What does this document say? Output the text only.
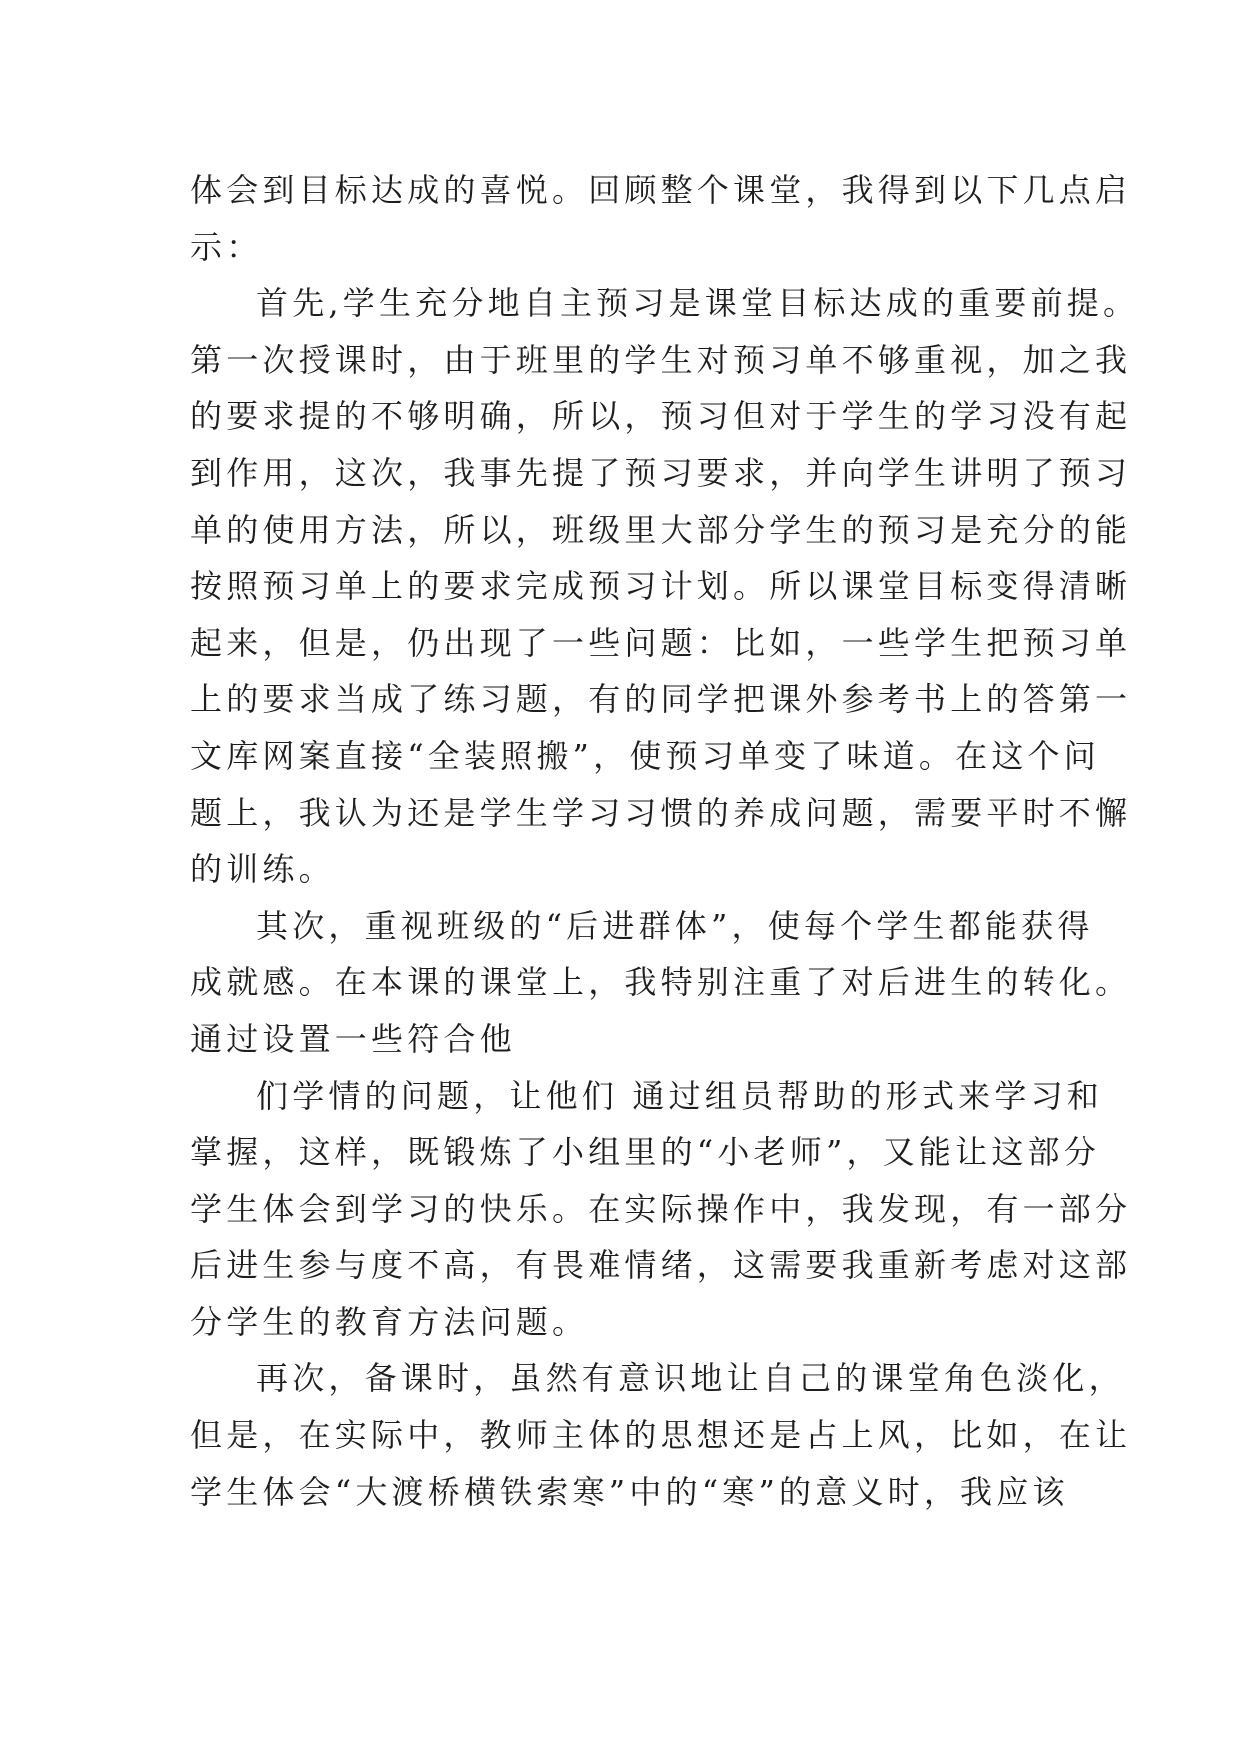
体会到目标达成的喜悦。回顾整个课堂，我得到以下几点启
示：
首先,学生充分地自主预习是课堂目标达成的重要前提。
第一次授课时，由于班里的学生对预习单不够重视，加之我
的要求提的不够明确，所以，预习但对于学生的学习没有起
到作用，这次，我事先提了预习要求，并向学生讲明了预习
单的使用方法，所以，班级里大部分学生的预习是充分的能
按照预习单上的要求完成预习计划。所以课堂目标变得清晰
起来，但是，仍出现了一些问题：比如，一些学生把预习单
上的要求当成了练习题，有的同学把课外参考书上的答第一
文库网案直接“全装照搬”，使预习单变了味道。在这个问
题上，我认为还是学生学习习惯的养成问题，需要平时不懈
的训练。
其次，重视班级的“后进群体”，使每个学生都能获得
成就感。在本课的课堂上，我特别注重了对后进生的转化。
通过设置一些符合他
们学情的问题，让他们 通过组员帮助的形式来学习和
掌握，这样，既锻炼了小组里的“小老师”，又能让这部分
学生体会到学习的快乐。在实际操作中，我发现，有一部分
后进生参与度不高，有畏难情绪，这需要我重新考虑对这部
分学生的教育方法问题。
再次，备课时，虽然有意识地让自己的课堂角色淡化，
但是，在实际中，教师主体的思想还是占上风，比如，在让
学生体会“大渡桥横铁索寒”中的“寒”的意义时，我应该
